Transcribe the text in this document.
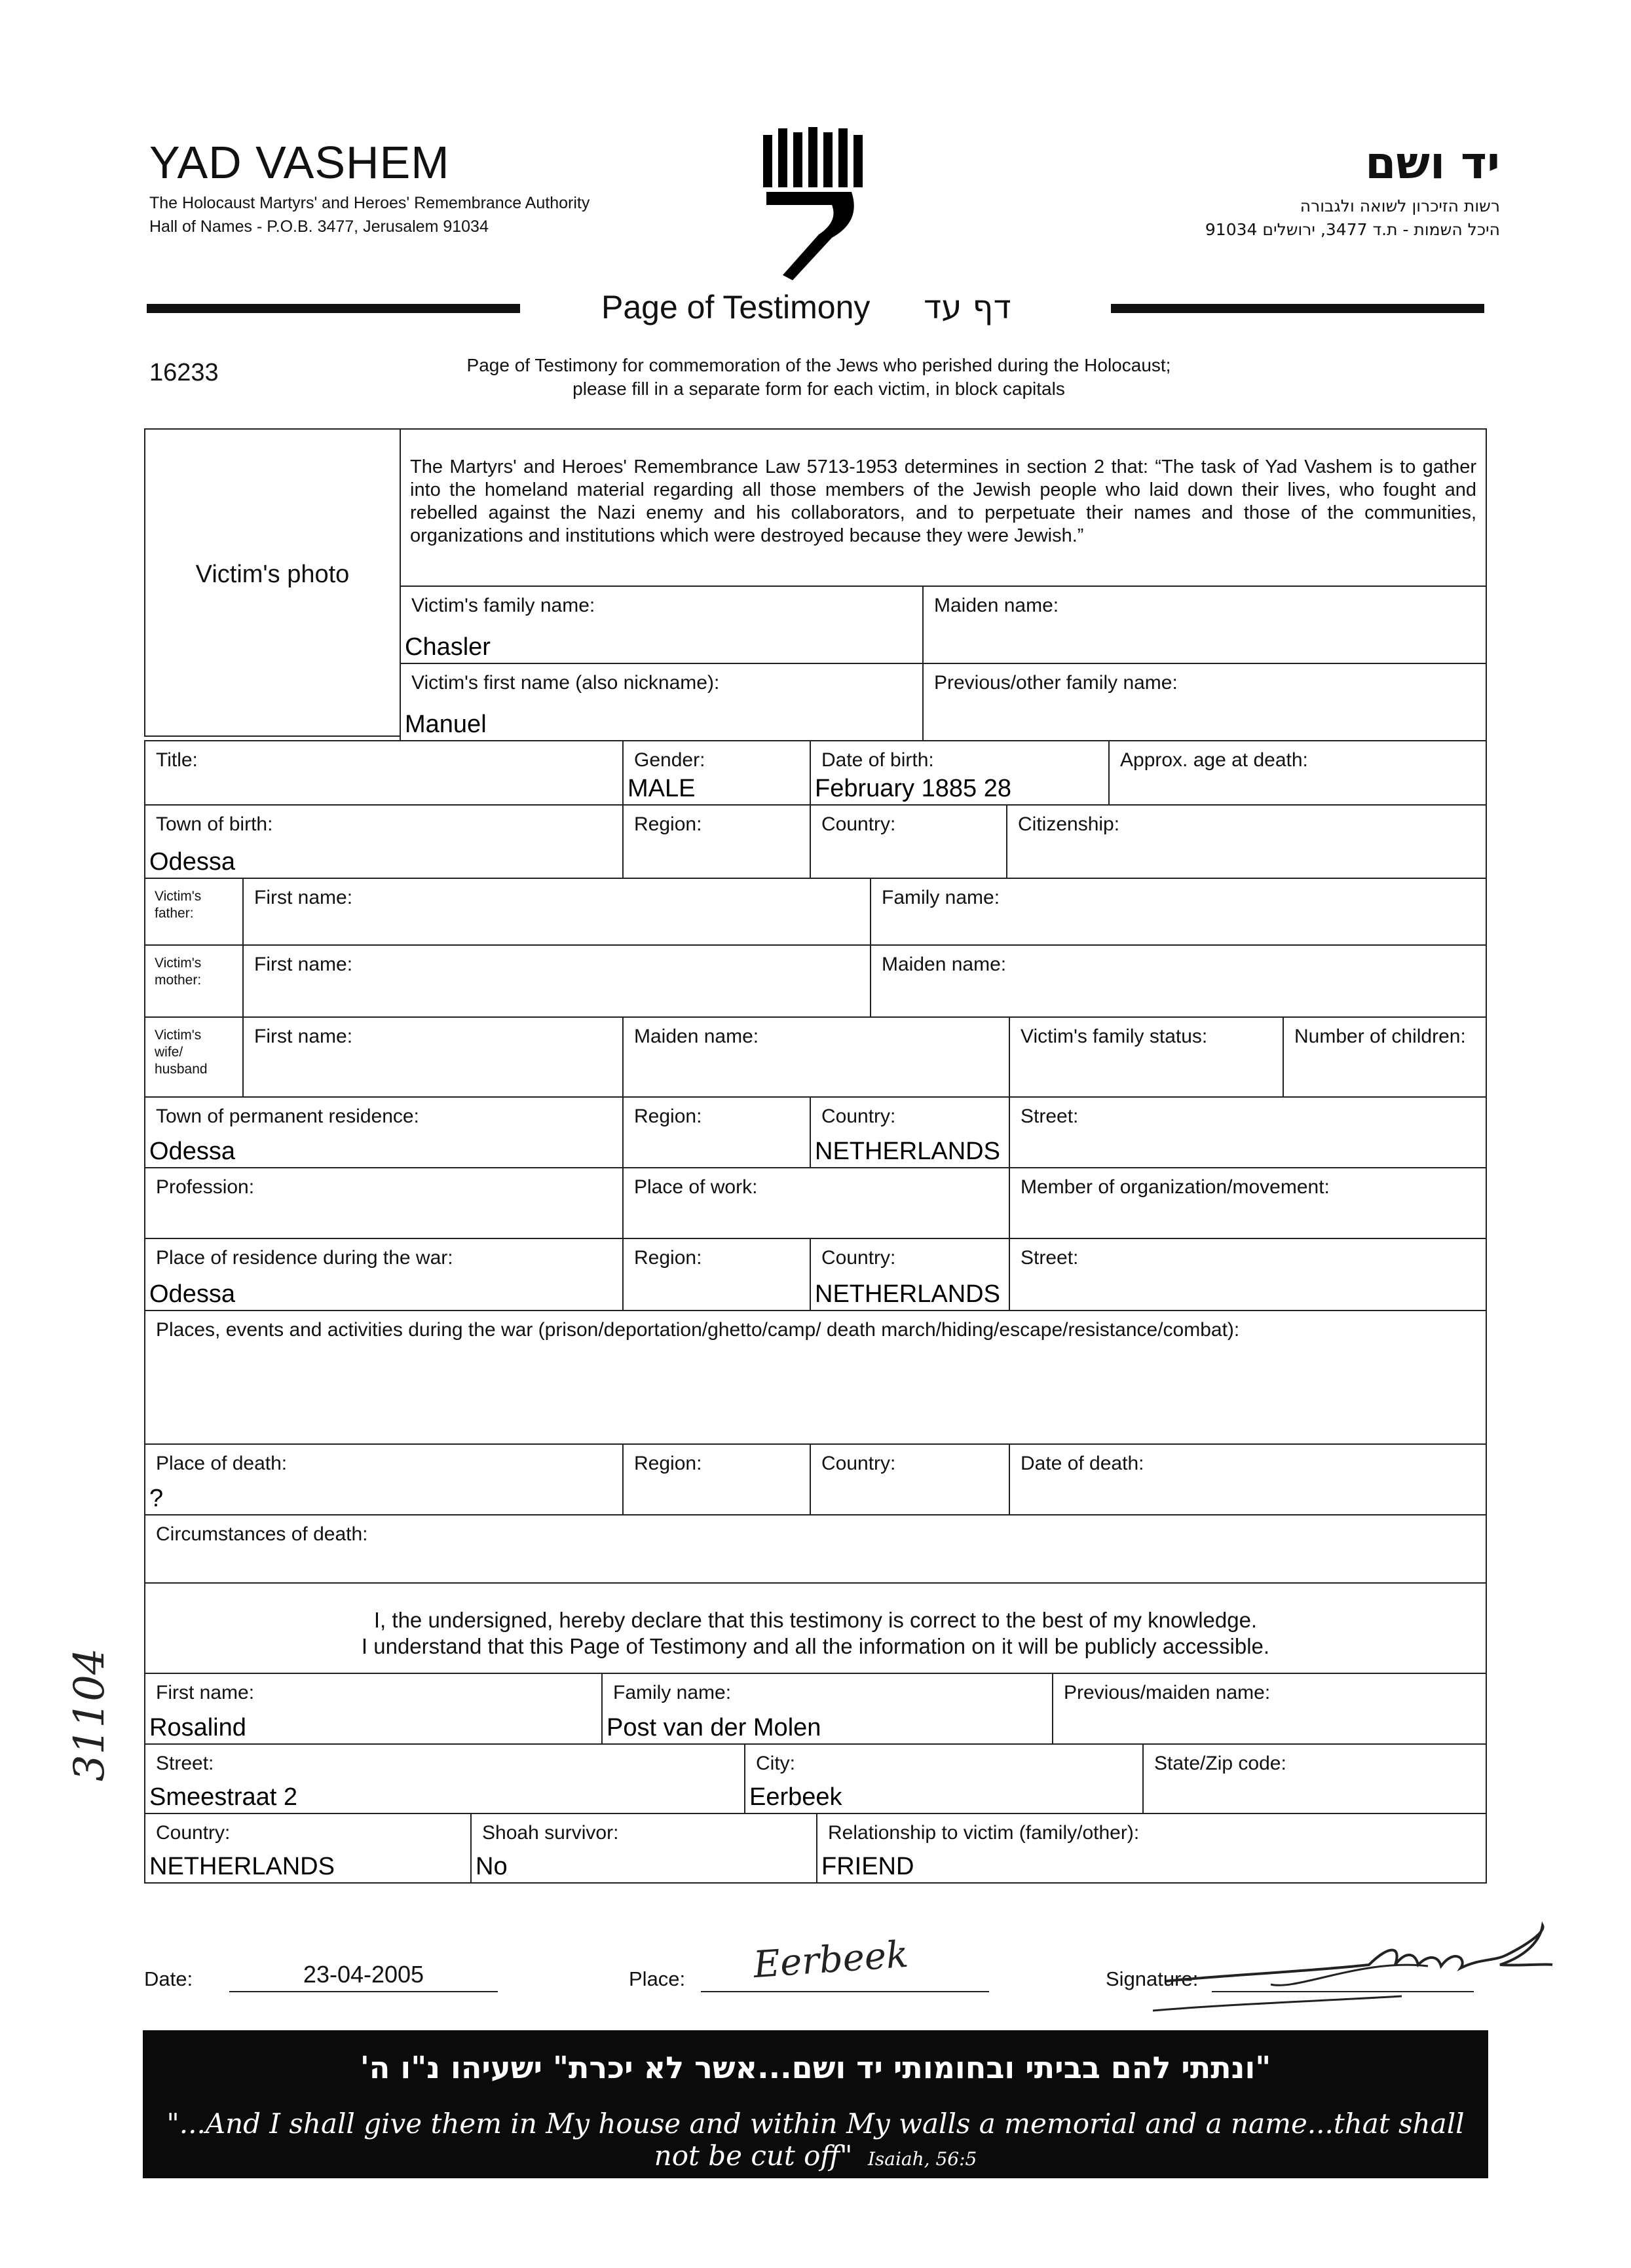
YAD VASHEM
The Holocaust Martyrs' and Heroes' Remembrance Authority
Hall of Names - P.O.B. 3477, Jerusalem 91034
יד ושם
רשות הזיכרון לשואה ולגבורה
היכל השמות - ת.ד 3477, ירושלים 91034
Page of Testimony דף עד
16233	Page of Testimony for commemoration of the Jews who perished during the Holocaust;
please fill in a separate form for each victim, in block capitals
Victim's photo
The Martyrs' and Heroes' Remembrance Law 5713-1953 determines in section 2 that: “The task of Yad Vashem is to gather into the homeland material regarding all those members of the Jewish people who laid down their lives, who fought and rebelled against the Nazi enemy and his collaborators, and to perpetuate their names and those of the communities, organizations and institutions which were destroyed because they were Jewish.”
Victim's family name:
Chasler
Maiden name:
Victim's first name (also nickname):
Manuel
Previous/other family name:
Title:	Gender:
MALE
Date of birth:
February 1885 28
Approx. age at death:
Town of birth:
Odessa
Region:	Country:	Citizenship:
Victim's father:
First name:	Family name:
Victim's mother:
First name:	Maiden name:
Victim's wife/ husband
First name:	Maiden name:	Victim's family status:	Number of children:
Town of permanent residence:
Odessa
Region:	Country:
NETHERLANDS
Street:
Profession:	Place of work:	Member of organization/movement:
Place of residence during the war:
Odessa
Region:	Country:
NETHERLANDS
Street:
Places, events and activities during the war (prison/deportation/ghetto/camp/ death march/hiding/escape/resistance/combat):
Place of death:
?
Region:	Country:	Date of death:
Circumstances of death:
I, the undersigned, hereby declare that this testimony is correct to the best of my knowledge.
I understand that this Page of Testimony and all the information on it will be publicly accessible.
First name:
Rosalind
Family name:
Post van der Molen
Previous/maiden name:
Street:
Smeestraat 2
City:
Eerbeek
State/Zip code:
Country:
NETHERLANDS
Shoah survivor:
No
Relationship to victim (family/other):
FRIEND
31104
Date:	23-04-2005	Place: Eerbeek	Signature:
"ונתתי להם בביתי ובחומותי יד ושם...אשר לא יכרת" ישעיהו נ"ו ה'
"...And I shall give them in My house and within My walls a memorial and a name...that shall not be cut off" Isaiah, 56:5
